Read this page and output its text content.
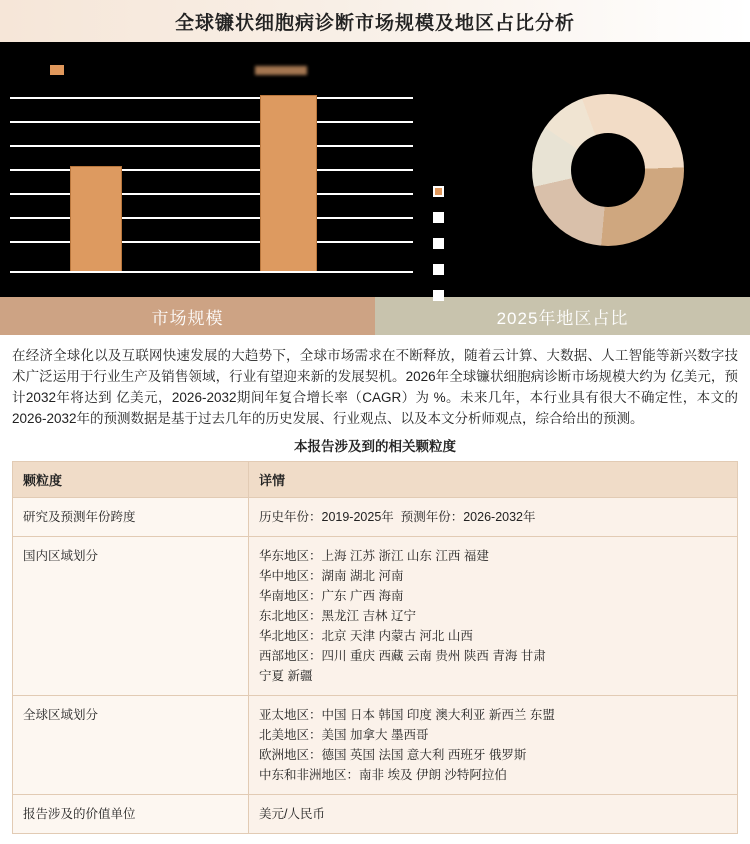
全球镰状细胞病诊断市场规模及地区占比分析
市场规模	2025年地区占比
在经济全球化以及互联网快速发展的大趋势下，全球市场需求在不断释放，随着云计算、大数据、人工智能等新兴数字技术广泛运用于行业生产及销售领域，行业有望迎来新的发展契机。2026年全球镰状细胞病诊断市场规模大约为 亿美元，预计2032年将达到 亿美元，2026-2032期间年复合增长率（CAGR）为 %。未来几年，本行业具有很大不确定性，本文的2026-2032年的预测数据是基于过去几年的历史发展、行业观点、以及本文分析师观点，综合给出的预测。
本报告涉及到的相关颗粒度
颗粒度	详情
研究及预测年份跨度	历史年份：2019-2025年  预测年份：2026-2032年

国内区域划分	华东地区：上海 江苏 浙江 山东 江西 福建
华中地区：湖南 湖北 河南
华南地区：广东 广西 海南
东北地区：黑龙江 吉林 辽宁
华北地区：北京 天津 内蒙古 河北 山西
西部地区：四川 重庆 西藏 云南 贵州 陕西 青海 甘肃
宁夏 新疆

全球区域划分	亚太地区：中国 日本 韩国 印度 澳大利亚 新西兰 东盟
北美地区：美国 加拿大 墨西哥
欧洲地区：德国 英国 法国 意大利 西班牙 俄罗斯
中东和非洲地区：南非 埃及 伊朗 沙特阿拉伯

报告涉及的价值单位	美元/人民币
